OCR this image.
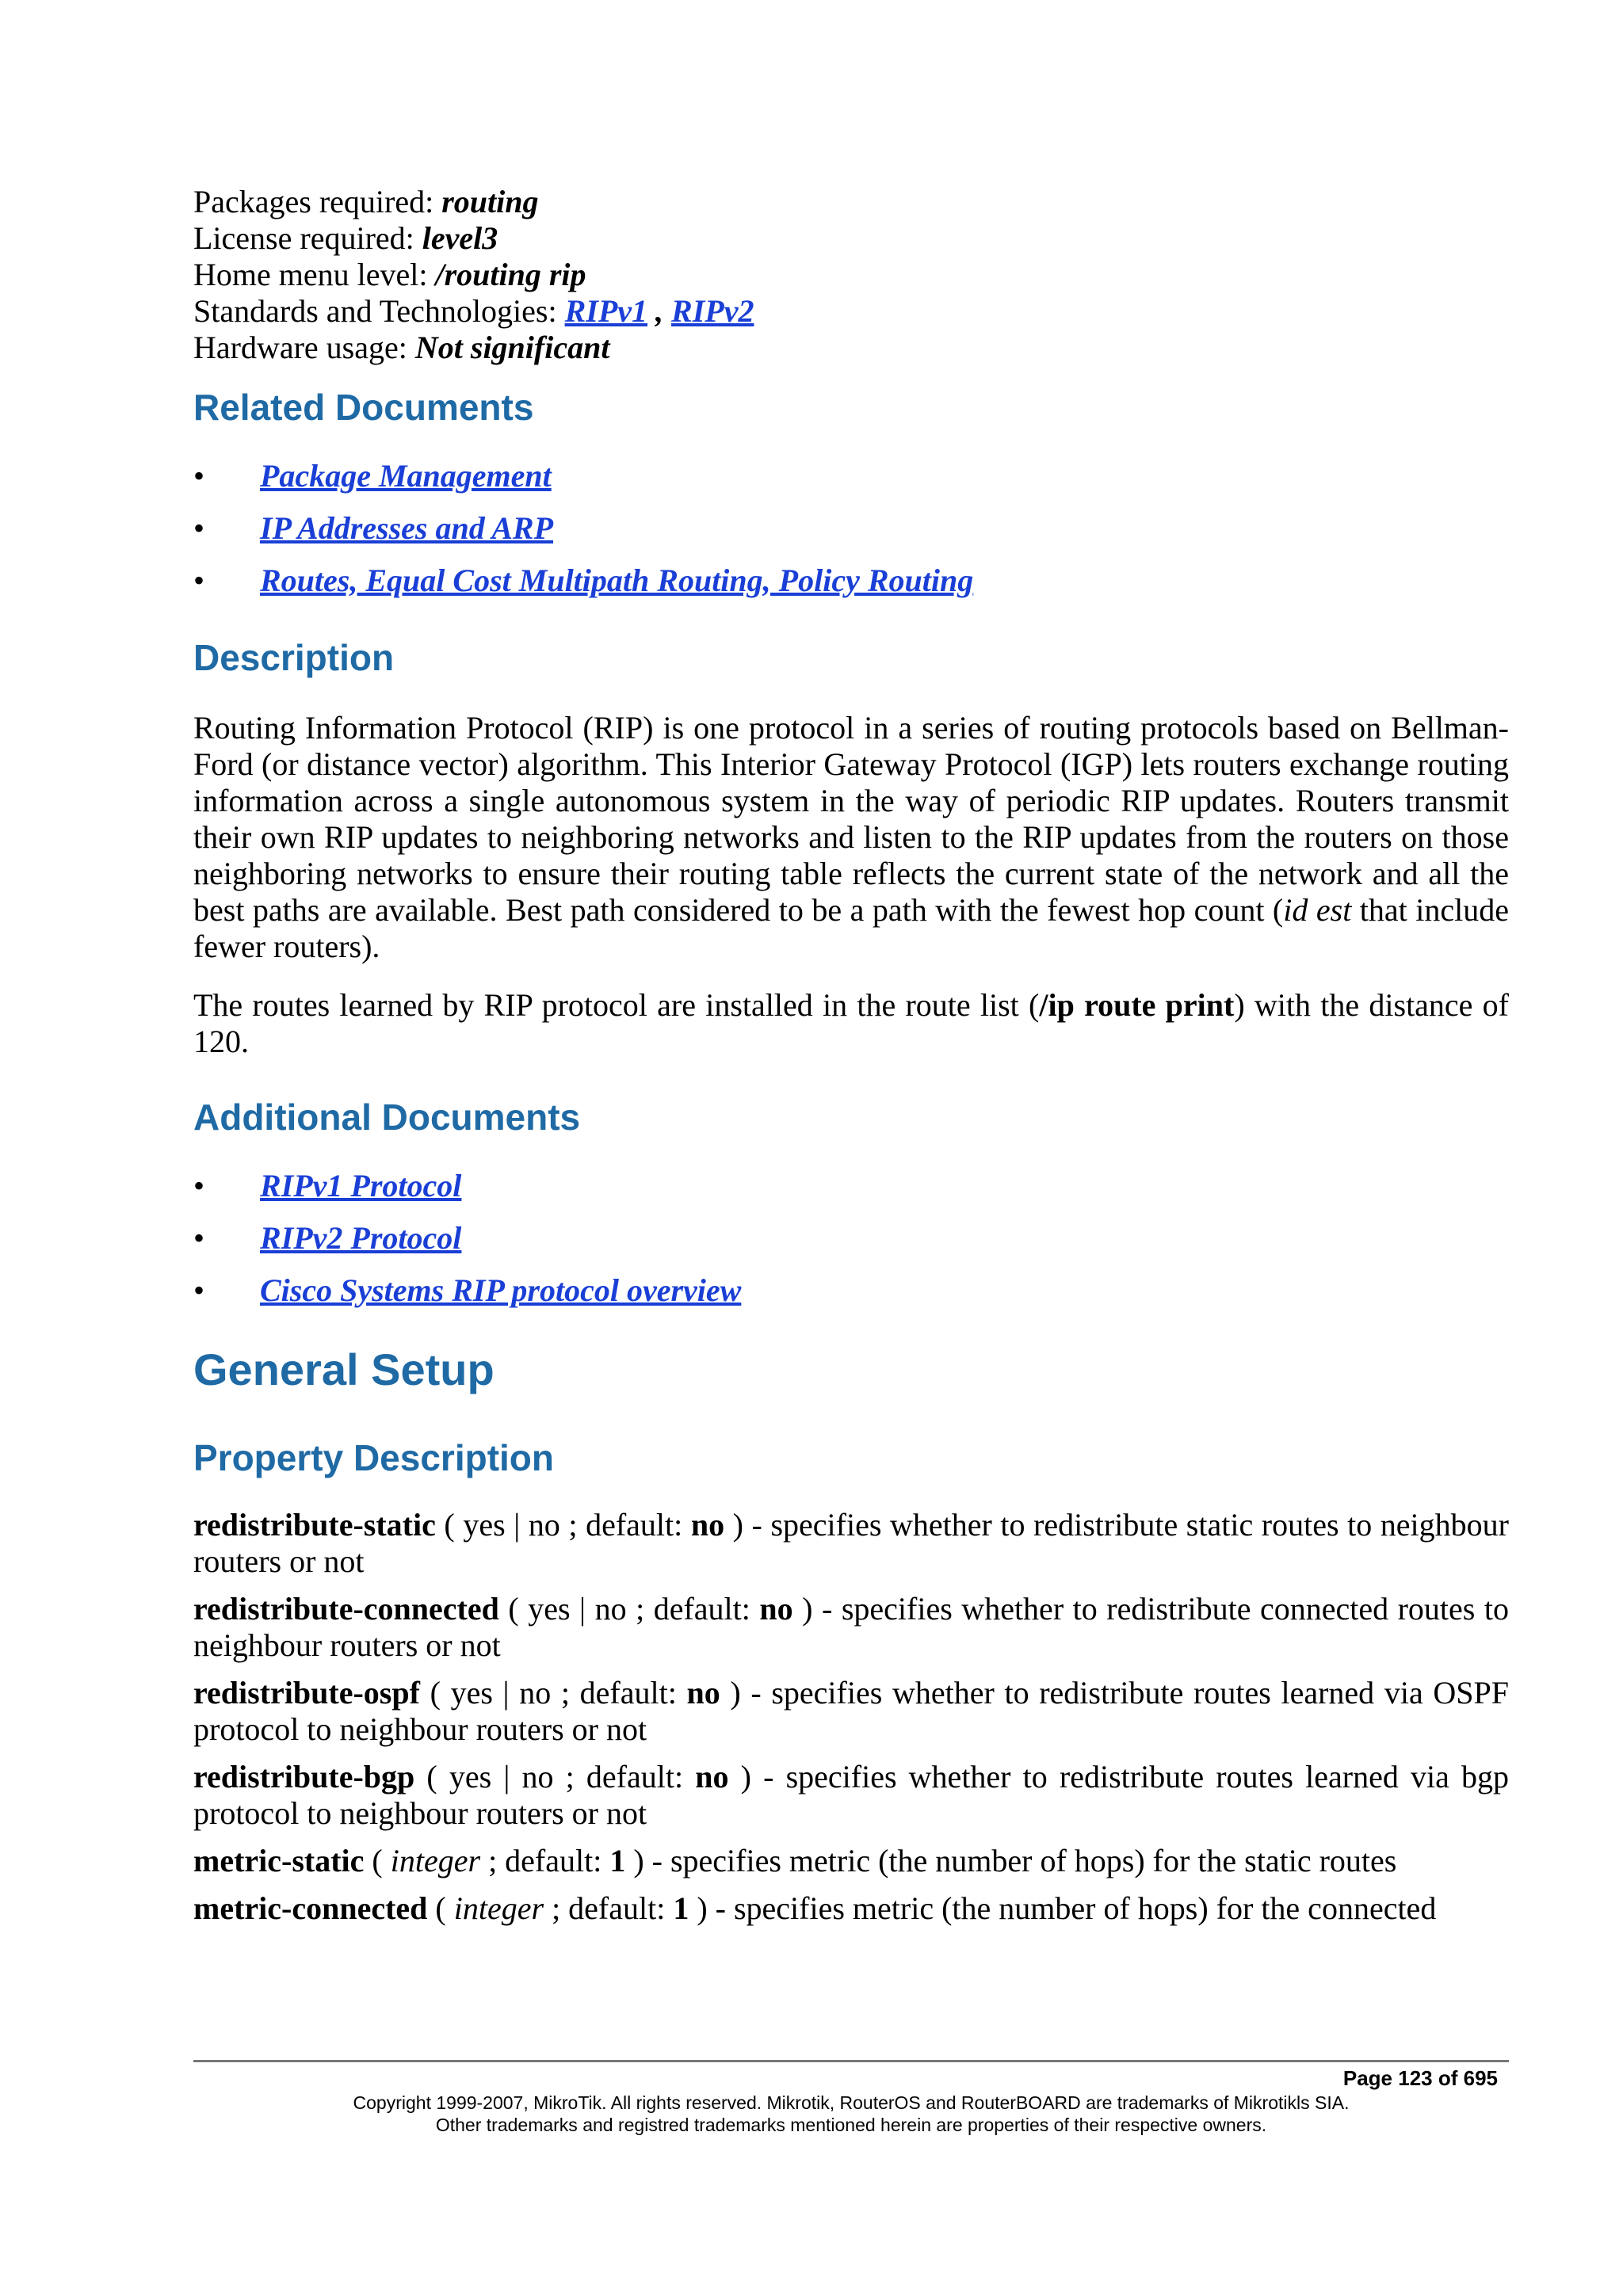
Packages required: routing
License required: level3
Home menu level: /routing rip
Standards and Technologies: RIPv1 , RIPv2
Hardware usage: Not significant
Related Documents
•	Package Management
•	IP Addresses and ARP
•	Routes, Equal Cost Multipath Routing, Policy Routing
Description

Routing Information Protocol (RIP) is one protocol in a series of routing protocols based on Bellman-Ford (or distance vector) algorithm. This Interior Gateway Protocol (IGP) lets routers exchange routing information across a single autonomous system in the way of periodic RIP updates. Routers transmit their own RIP updates to neighboring networks and listen to the RIP updates from the routers on those neighboring networks to ensure their routing table reflects the current state of the network and all the best paths are available. Best path considered to be a path with the fewest hop count (id est that include fewer routers).

The routes learned by RIP protocol are installed in the route list (/ip route print) with the distance of 120.

Additional Documents
•	RIPv1 Protocol
•	RIPv2 Protocol
•	Cisco Systems RIP protocol overview
General Setup
Property Description

redistribute-static ( yes | no ; default: no ) - specifies whether to redistribute static routes to neighbour routers or not

redistribute-connected ( yes | no ; default: no ) - specifies whether to redistribute connected routes to neighbour routers or not

redistribute-ospf ( yes | no ; default: no ) - specifies whether to redistribute routes learned via OSPF protocol to neighbour routers or not

redistribute-bgp ( yes | no ; default: no ) - specifies whether to redistribute routes learned via bgp protocol to neighbour routers or not

metric-static ( integer ; default: 1 ) - specifies metric (the number of hops) for the static routes

metric-connected ( integer ; default: 1 ) - specifies metric (the number of hops) for the connected

Page 123 of 695
Copyright 1999-2007, MikroTik. All rights reserved. Mikrotik, RouterOS and RouterBOARD are trademarks of Mikrotikls SIA.
Other trademarks and registred trademarks mentioned herein are properties of their respective owners.
